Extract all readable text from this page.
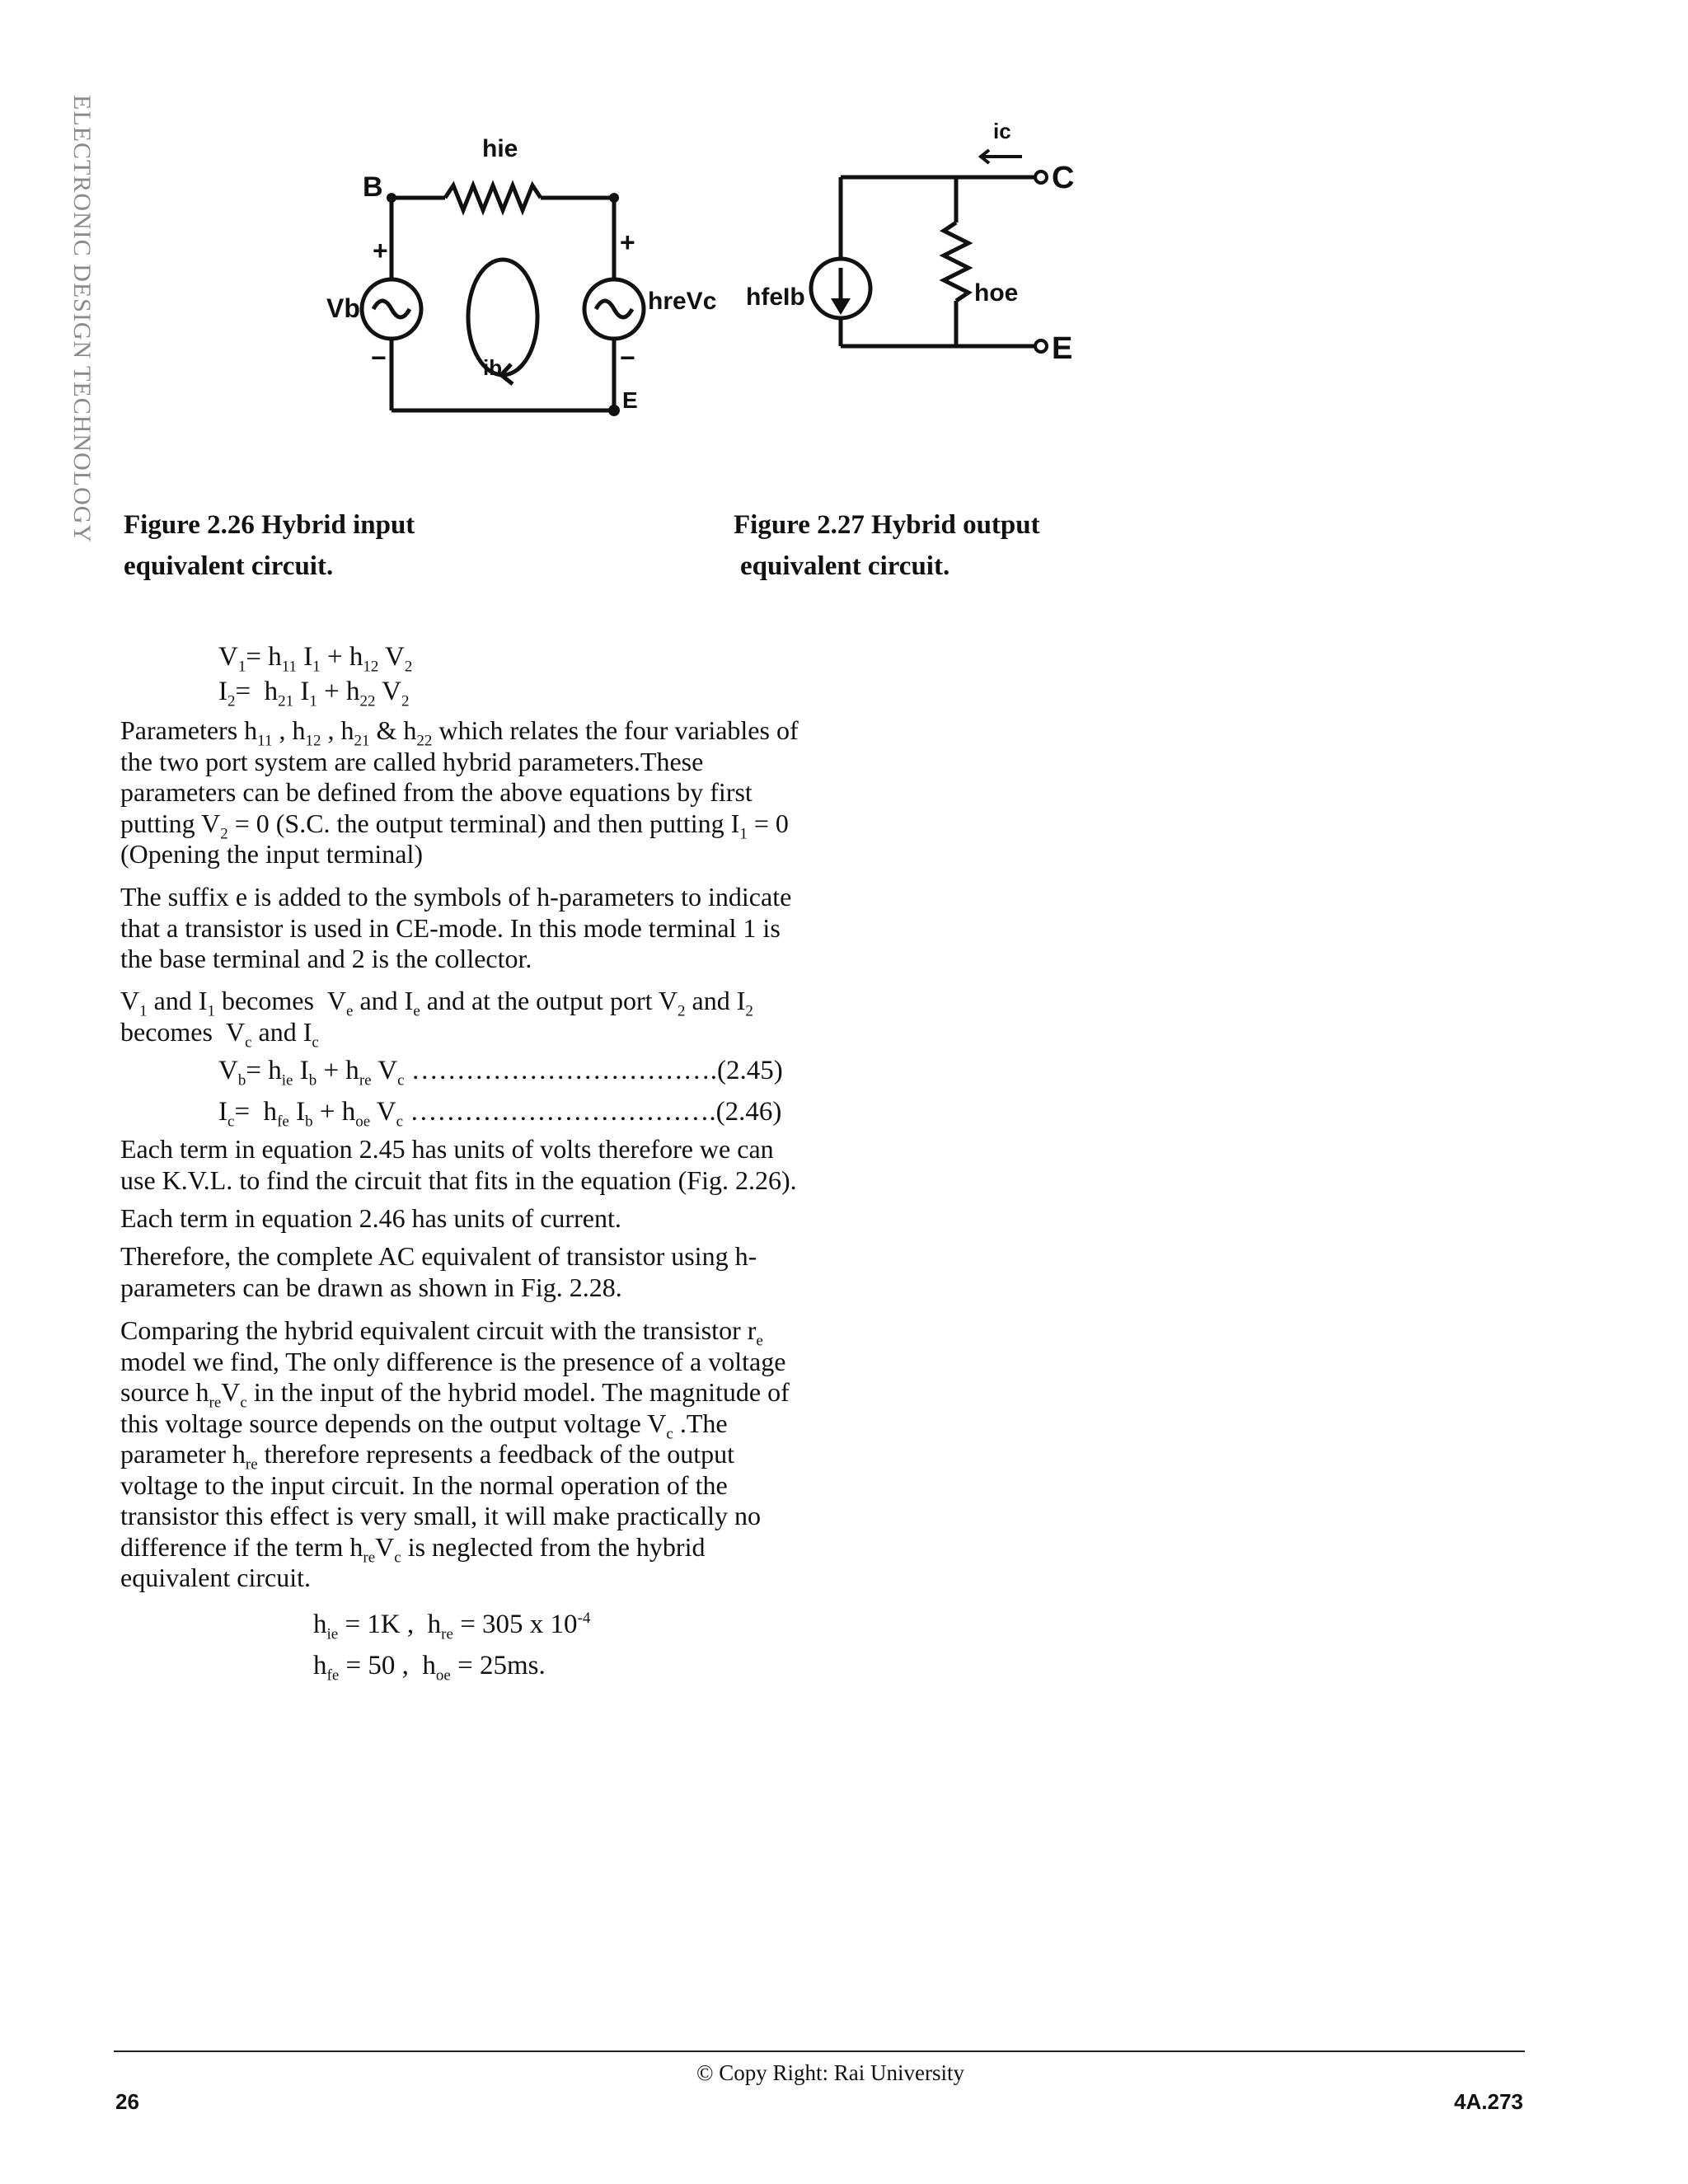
ELECTRONIC DESIGN TECHNOLOGY	B
hie
Vb
ib
hreVc
E
+
−
+
−
ic
C
E
hfeIb	hoe
Figure 2.26 Hybrid input
equivalent circuit.
Figure 2.27 Hybrid output
equivalent circuit.
$V_1= h_{11}$ $I_1 + h_{12}$ $V_2$
$I_2= h_{21}$ $I_1 + h_{22}$ $V_2$

Parameters $h_{11}$ , $h_{12}$ , $h_{21}$ & $h_{22}$ which relates the four variables of the two port system are called hybrid parameters.These parameters can be defined from the above equations by first putting $V_2 = 0$ (S.C. the output terminal) and then putting $I_1 = 0$ (Opening the input terminal)

The suffix e is added to the symbols of h-parameters to indicate that a transistor is used in CE-mode. In this mode terminal 1 is the base terminal and 2 is the collector.

$V_1$ and $I_1$ becomes  $V_e$ and $I_e$ and at the output port $V_2$ and $I_2$ becomes  $V_c$ and $I_c$

$V_b= h_{ie}$ $I_b + h_{re}$ $V_c$ …………………………….(2.45)
$I_c= h_{fe}$ $I_b + h_{oe}$ $V_c$ …………………………….(2.46)

Each term in equation 2.45 has units of volts therefore we can use K.V.L. to find the circuit that fits in the equation (Fig. 2.26).

Each term in equation 2.46 has units of current.

Therefore, the complete AC equivalent of transistor using h-parameters can be drawn as shown in Fig. 2.28.

Comparing the hybrid equivalent circuit with the transistor $r_e$ model we find, The only difference is the presence of a voltage source $h_{re}V_c$ in the input of the hybrid model. The magnitude of this voltage source depends on the output voltage $V_c$ .The parameter $h_{re}$ therefore represents a feedback of the output voltage to the input circuit. In the normal operation of the transistor this effect is very small, it will make practically no difference if the term $h_{re}V_c$ is neglected from the hybrid equivalent circuit.

$h_{ie} = 1K$ ,  $h_{re} = 305$ x $10^{-4}$
$h_{fe} = 50$ ,  $h_{oe} = 25ms$.
© Copy Right: Rai University
26	4A.273
